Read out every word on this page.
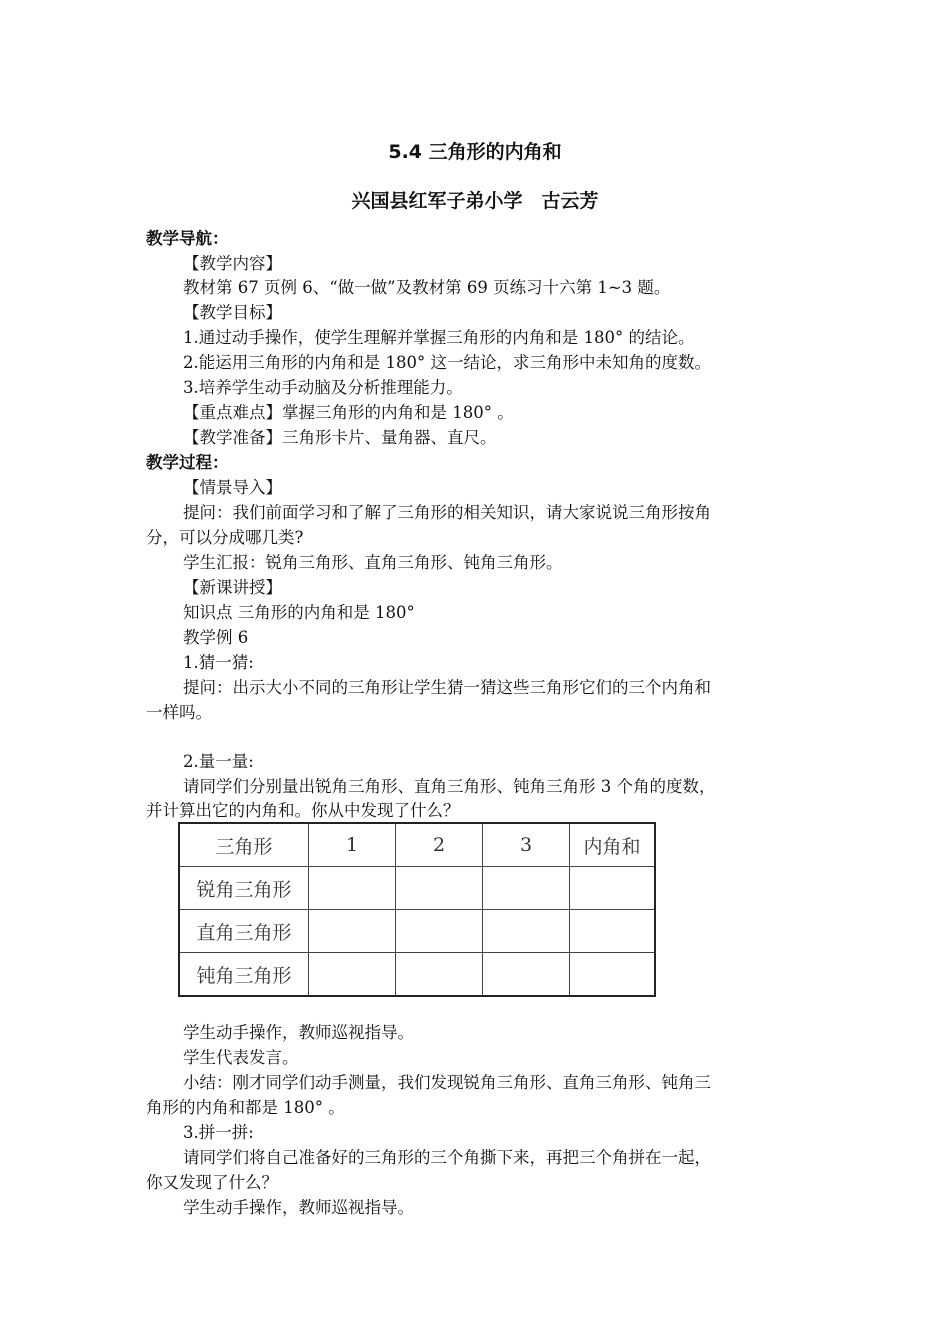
5.4 三角形的内角和
兴国县红军子弟小学　古云芳
教学导航：
【教学内容】
教材第 67 页例 6、“做一做”及教材第 69 页练习十六第 1~3 题。
【教学目标】
1.通过动手操作，使学生理解并掌握三角形的内角和是 180° 的结论。
2.能运用三角形的内角和是 180° 这一结论，求三角形中未知角的度数。
3.培养学生动手动脑及分析推理能力。
【重点难点】掌握三角形的内角和是 180° 。
【教学准备】三角形卡片、量角器、直尺。
教学过程：
【情景导入】
提问：我们前面学习和了解了三角形的相关知识，请大家说说三角形按角
分，可以分成哪几类?
学生汇报：锐角三角形、直角三角形、钝角三角形。
【新课讲授】
知识点 三角形的内角和是 180°
教学例 6
1.猜一猜:
提问：出示大小不同的三角形让学生猜一猜这些三角形它们的三个内角和
一样吗。
2.量一量:
请同学们分别量出锐角三角形、直角三角形、钝角三角形 3 个角的度数，
并计算出它的内角和。你从中发现了什么？
三角形	1	2	3	内角和
锐角三角形				
直角三角形				
钝角三角形				
学生动手操作，教师巡视指导。
学生代表发言。
小结：刚才同学们动手测量，我们发现锐角三角形、直角三角形、钝角三
角形的内角和都是 180° 。
3.拼一拼:
请同学们将自己准备好的三角形的三个角撕下来，再把三个角拼在一起，
你又发现了什么？
学生动手操作，教师巡视指导。
